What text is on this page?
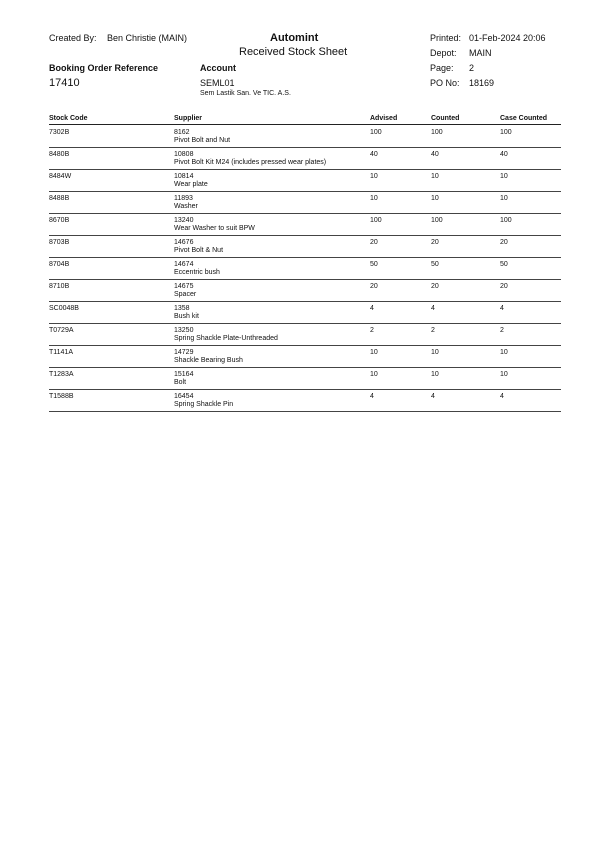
Created By: Ben Christie (MAIN)	Automint
Received Stock Sheet
Printed: 01-Feb-2024 20:06
Depot: MAIN
Page: 2
PO No: 18169
Booking Order Reference
17410
Account
SEML01
Sem Lastik San. Ve TIC. A.S.
Stock Code	Supplier	Advised	Counted	Case Counted
7302B	8162	100	100	100
Pivot Bolt and Nut
8480B	10808	40	40	40
Pivot Bolt Kit M24 (includes pressed wear plates)
8484W	10814	10	10	10
Wear plate
8488B	11893	10	10	10
Washer
8670B	13240	100	100	100
Wear Washer to suit BPW
8703B	14676	20	20	20
Pivot Bolt & Nut
8704B	14674	50	50	50
Eccentric bush
8710B	14675	20	20	20
Spacer
SC0048B	1358	4	4	4
Bush kit
T0729A	13250	2	2	2
Spring Shackle Plate-Unthreaded
T1141A	14729	10	10	10
Shackle Bearing Bush
T1283A	15164	10	10	10
Bolt
T1588B	16454	4	4	4
Spring Shackle Pin
